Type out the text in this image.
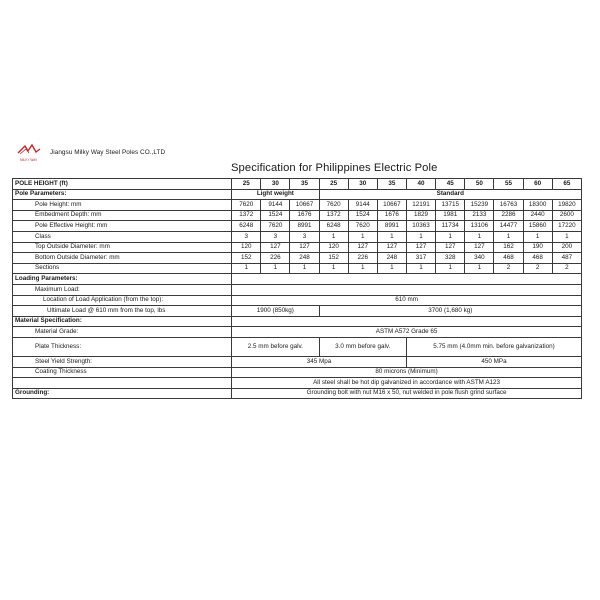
MILKY WAY
Jiangsu Milky Way Steel Poles CO.,LTD
Specification for Philippines Electric Pole
POLE HEIGHT (ft)	25	30	35	25	30	35	40	45	50	55	60	65
Pole Parameters:	Light weight			Standard								
Pole Height: mm	7620	9144	10667	7620	9144	10667	12191	13715	15239	16763	18300	19820
Embedment Depth: mm	1372	1524	1676	1372	1524	1676	1829	1981	2133	2286	2440	2600
Pole Effective Height: mm	6248	7620	8991	6248	7620	8991	10363	11734	13106	14477	15860	17220
Class	3	3	3	1	1	1	1	1	1	1	1	1
Top Outside Diameter: mm	120	127	127	120	127	127	127	127	127	162	190	200
Bottom Outside Diameter: mm	152	226	248	152	226	248	317	328	340	468	468	487
Sections	1	1	1	1	1	1	1	1	1	2	2	2
Loading Parameters:												
Maximum Load:												
Location of Load Application (from the top):	610 mm											
Ultimate Load @ 610 mm from the top, lbs	1900 (850kg)			3700 (1,680 kg)								
Material Specification:												
Material Grade:	ASTM A572 Grade 65											
Plate Thickness:	2.5 mm before galv.			3.0 mm before galv.			5.75 mm (4.0mm min. before galvanization)					
Steel Yield Strength:	345 Mpa						450 MPa					
Coating Thickness	80 microns (Minimum)											
	All steel shall be hot dip galvanized in accordance with ASTM A123											
Grounding:	Grounding bolt with nut M16 x 50, nut welded in pole flush grind surface											
